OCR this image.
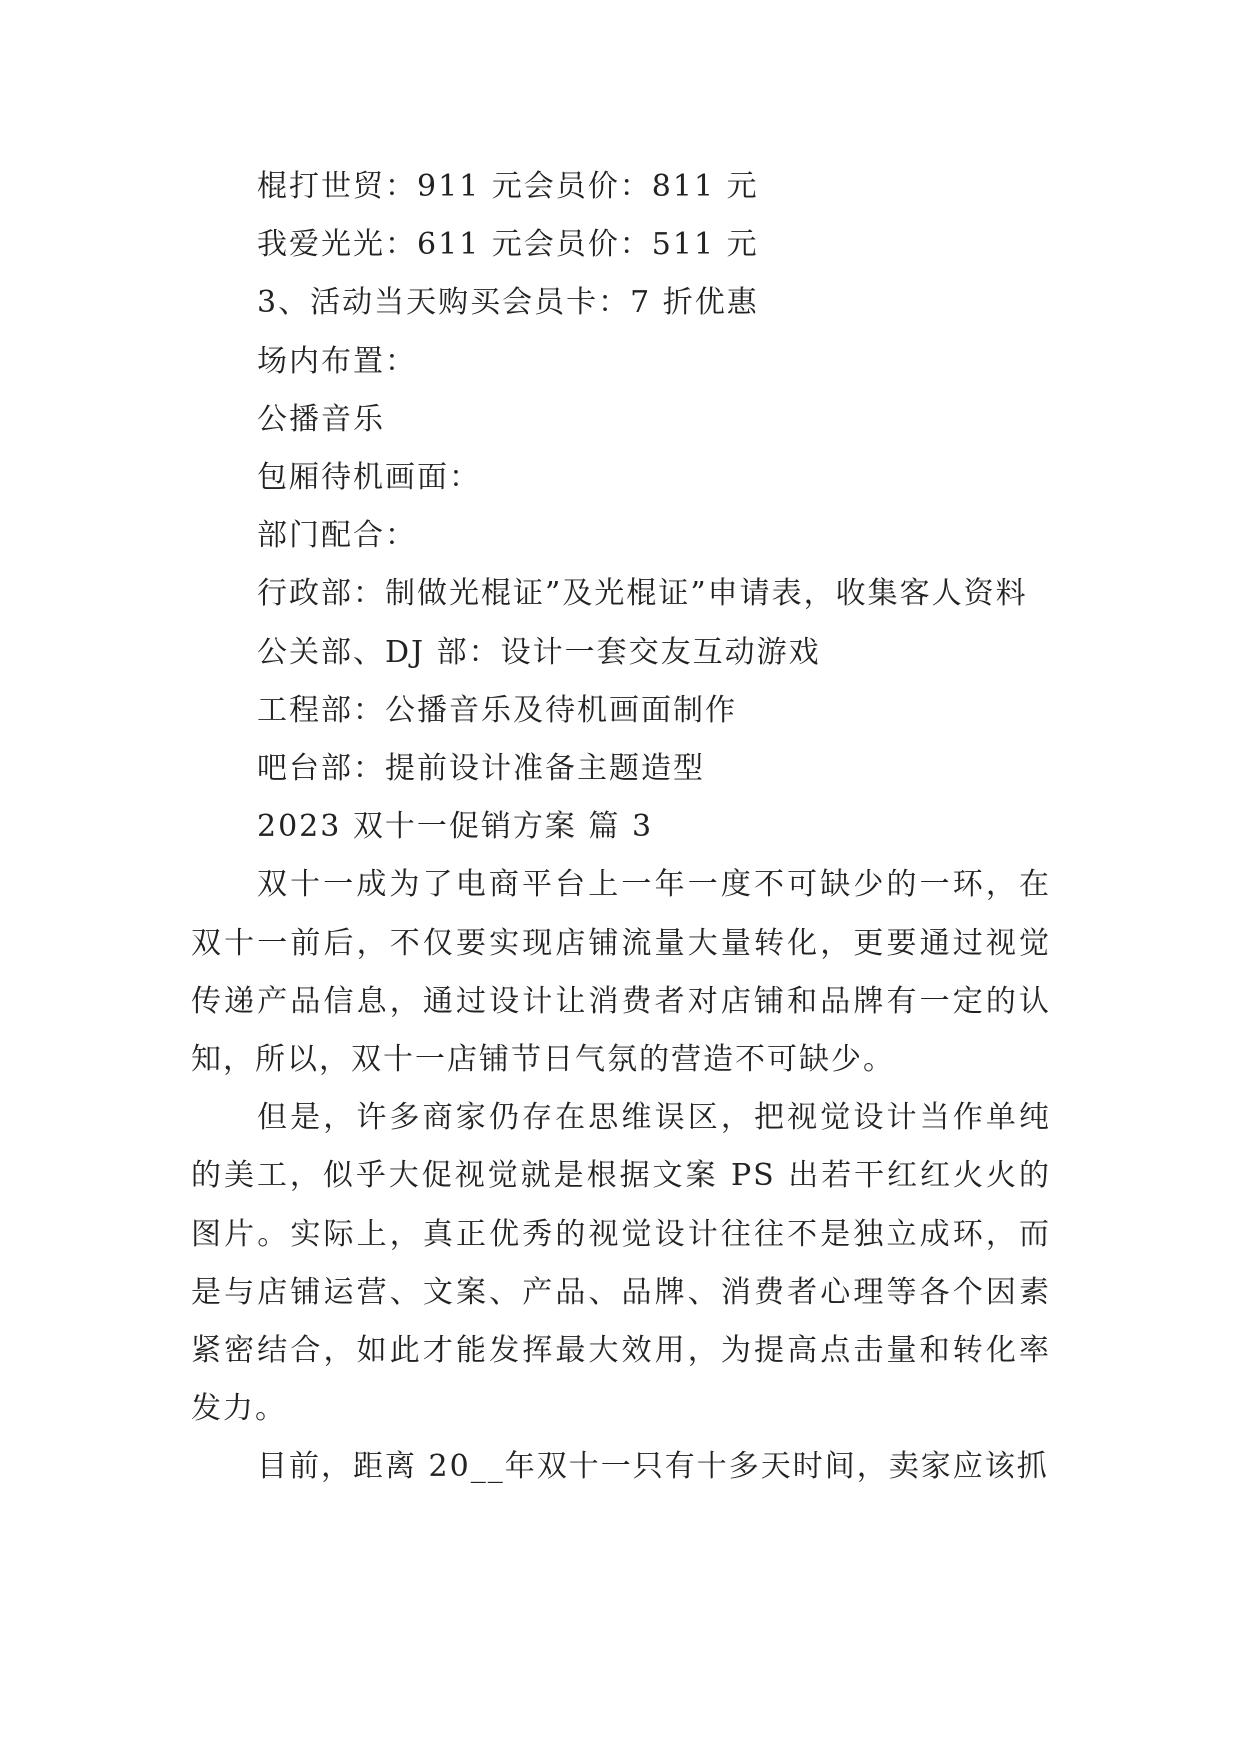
棍打世贸：911 元会员价：811 元

我爱光光：611 元会员价：511 元

3、活动当天购买会员卡：7 折优惠

场内布置：

公播音乐

包厢待机画面：

部门配合：

行政部：制做光棍证”及光棍证”申请表，收集客人资料

公关部、DJ 部：设计一套交友互动游戏

工程部：公播音乐及待机画面制作

吧台部：提前设计准备主题造型

2023 双十一促销方案 篇 3

双十一成为了电商平台上一年一度不可缺少的一环，在双十一前后，不仅要实现店铺流量大量转化，更要通过视觉传递产品信息，通过设计让消费者对店铺和品牌有一定的认知，所以，双十一店铺节日气氛的营造不可缺少。

但是，许多商家仍存在思维误区，把视觉设计当作单纯的美工，似乎大促视觉就是根据文案 PS 出若干红红火火的图片。实际上，真正优秀的视觉设计往往不是独立成环，而是与店铺运营、文案、产品、品牌、消费者心理等各个因素紧密结合，如此才能发挥最大效用，为提高点击量和转化率发力。

目前，距离 20__年双十一只有十多天时间，卖家应该抓
